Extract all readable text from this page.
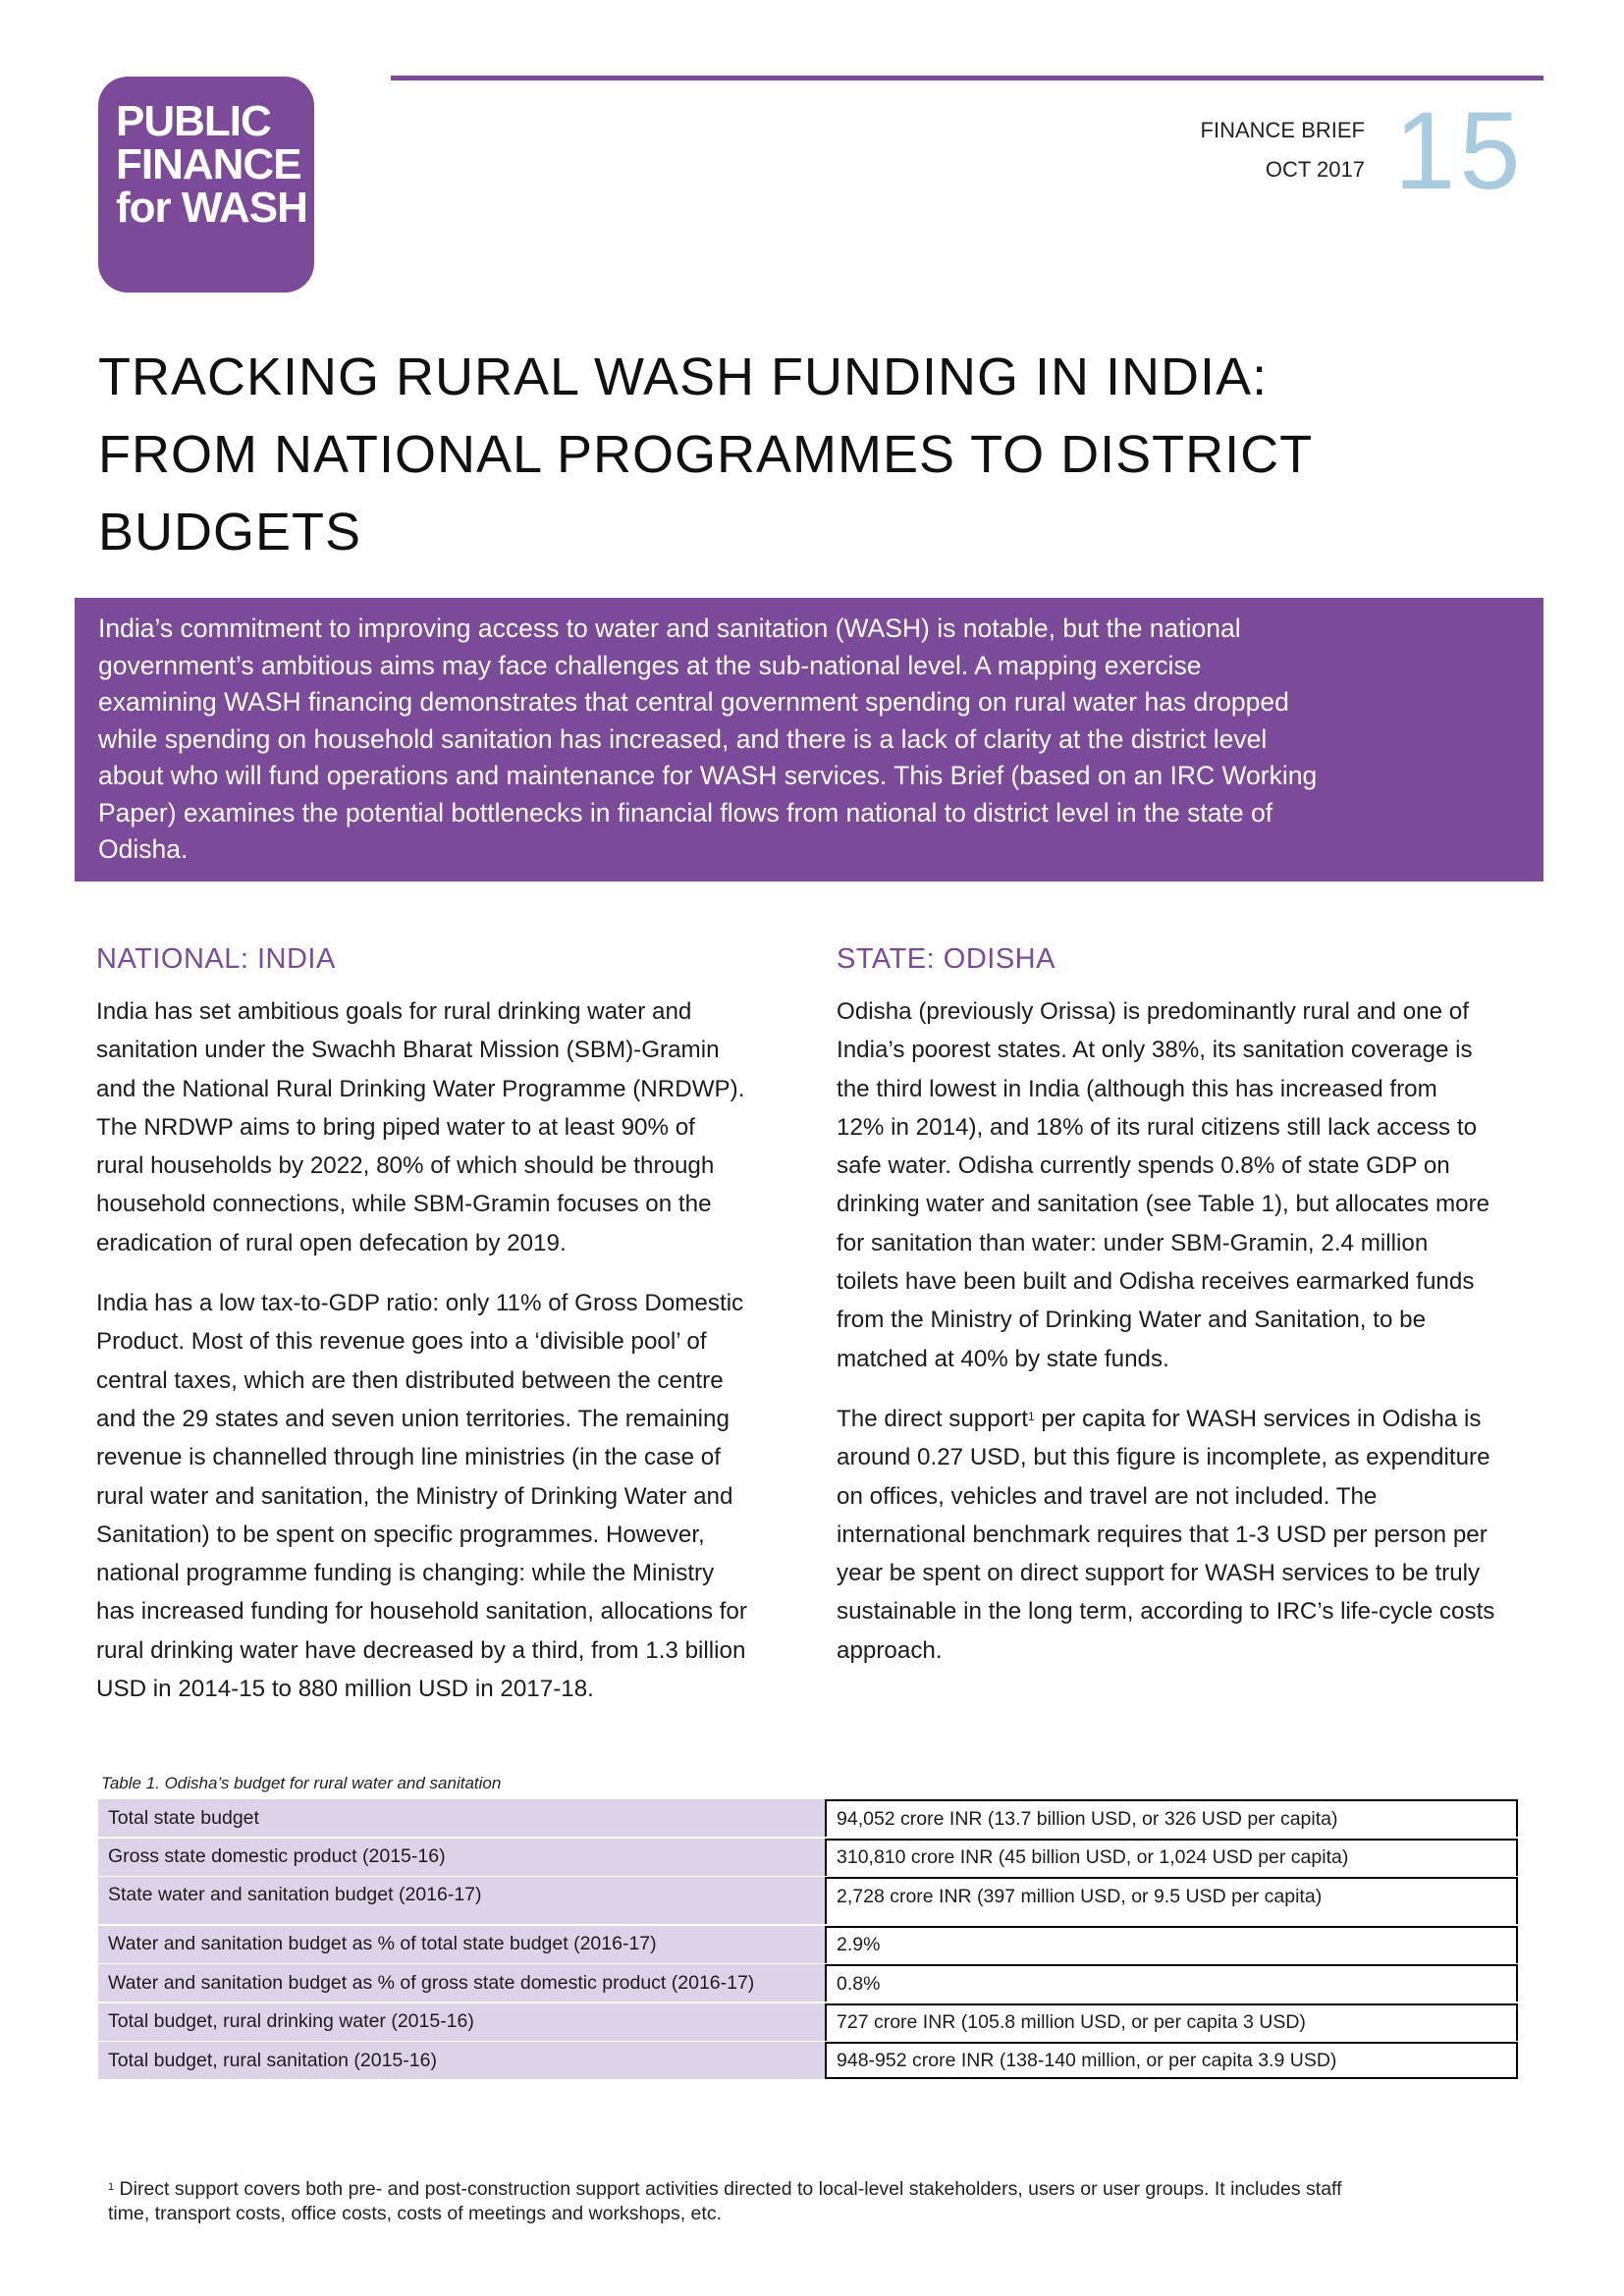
PUBLIC
FINANCE
for WASH
FINANCE BRIEF
OCT 2017 15
TRACKING RURAL WASH FUNDING IN INDIA:
FROM NATIONAL PROGRAMMES TO DISTRICT
BUDGETS
India’s commitment to improving access to water and sanitation (WASH) is notable, but the national
government’s ambitious aims may face challenges at the sub-national level. A mapping exercise
examining WASH financing demonstrates that central government spending on rural water has dropped
while spending on household sanitation has increased, and there is a lack of clarity at the district level
about who will fund operations and maintenance for WASH services. This Brief (based on an IRC Working
Paper) examines the potential bottlenecks in financial flows from national to district level in the state of
Odisha.
NATIONAL: INDIA
India has set ambitious goals for rural drinking water and
sanitation under the Swachh Bharat Mission (SBM)-Gramin
and the National Rural Drinking Water Programme (NRDWP).
The NRDWP aims to bring piped water to at least 90% of
rural households by 2022, 80% of which should be through
household connections, while SBM-Gramin focuses on the
eradication of rural open defecation by 2019.
India has a low tax-to-GDP ratio: only 11% of Gross Domestic
Product. Most of this revenue goes into a ‘divisible pool’ of
central taxes, which are then distributed between the centre
and the 29 states and seven union territories. The remaining
revenue is channelled through line ministries (in the case of
rural water and sanitation, the Ministry of Drinking Water and
Sanitation) to be spent on specific programmes. However,
national programme funding is changing: while the Ministry
has increased funding for household sanitation, allocations for
rural drinking water have decreased by a third, from 1.3 billion
USD in 2014-15 to 880 million USD in 2017-18.
STATE: ODISHA
Odisha (previously Orissa) is predominantly rural and one of
India’s poorest states. At only 38%, its sanitation coverage is
the third lowest in India (although this has increased from
12% in 2014), and 18% of its rural citizens still lack access to
safe water. Odisha currently spends 0.8% of state GDP on
drinking water and sanitation (see Table 1), but allocates more
for sanitation than water: under SBM-Gramin, 2.4 million
toilets have been built and Odisha receives earmarked funds
from the Ministry of Drinking Water and Sanitation, to be
matched at 40% by state funds.
The direct support$^1$ per capita for WASH services in Odisha is
around 0.27 USD, but this figure is incomplete, as expenditure
on offices, vehicles and travel are not included. The
international benchmark requires that 1-3 USD per person per
year be spent on direct support for WASH services to be truly
sustainable in the long term, according to IRC’s life-cycle costs
approach.
Table 1. Odisha’s budget for rural water and sanitation
Total state budget	94,052 crore INR (13.7 billion USD, or 326 USD per capita)
Gross state domestic product (2015-16)	310,810 crore INR (45 billion USD, or 1,024 USD per capita)
State water and sanitation budget (2016-17)	2,728 crore INR (397 million USD, or 9.5 USD per capita)
Water and sanitation budget as % of total state budget (2016-17)	2.9%
Water and sanitation budget as % of gross state domestic product (2016-17)	0.8%
Total budget, rural drinking water (2015-16)	727 crore INR (105.8 million USD, or per capita 3 USD)
Total budget, rural sanitation (2015-16)	948-952 crore INR (138-140 million, or per capita 3.9 USD)
$^1$ Direct support covers both pre- and post-construction support activities directed to local-level stakeholders, users or user groups. It includes staff
time, transport costs, office costs, costs of meetings and workshops, etc.
